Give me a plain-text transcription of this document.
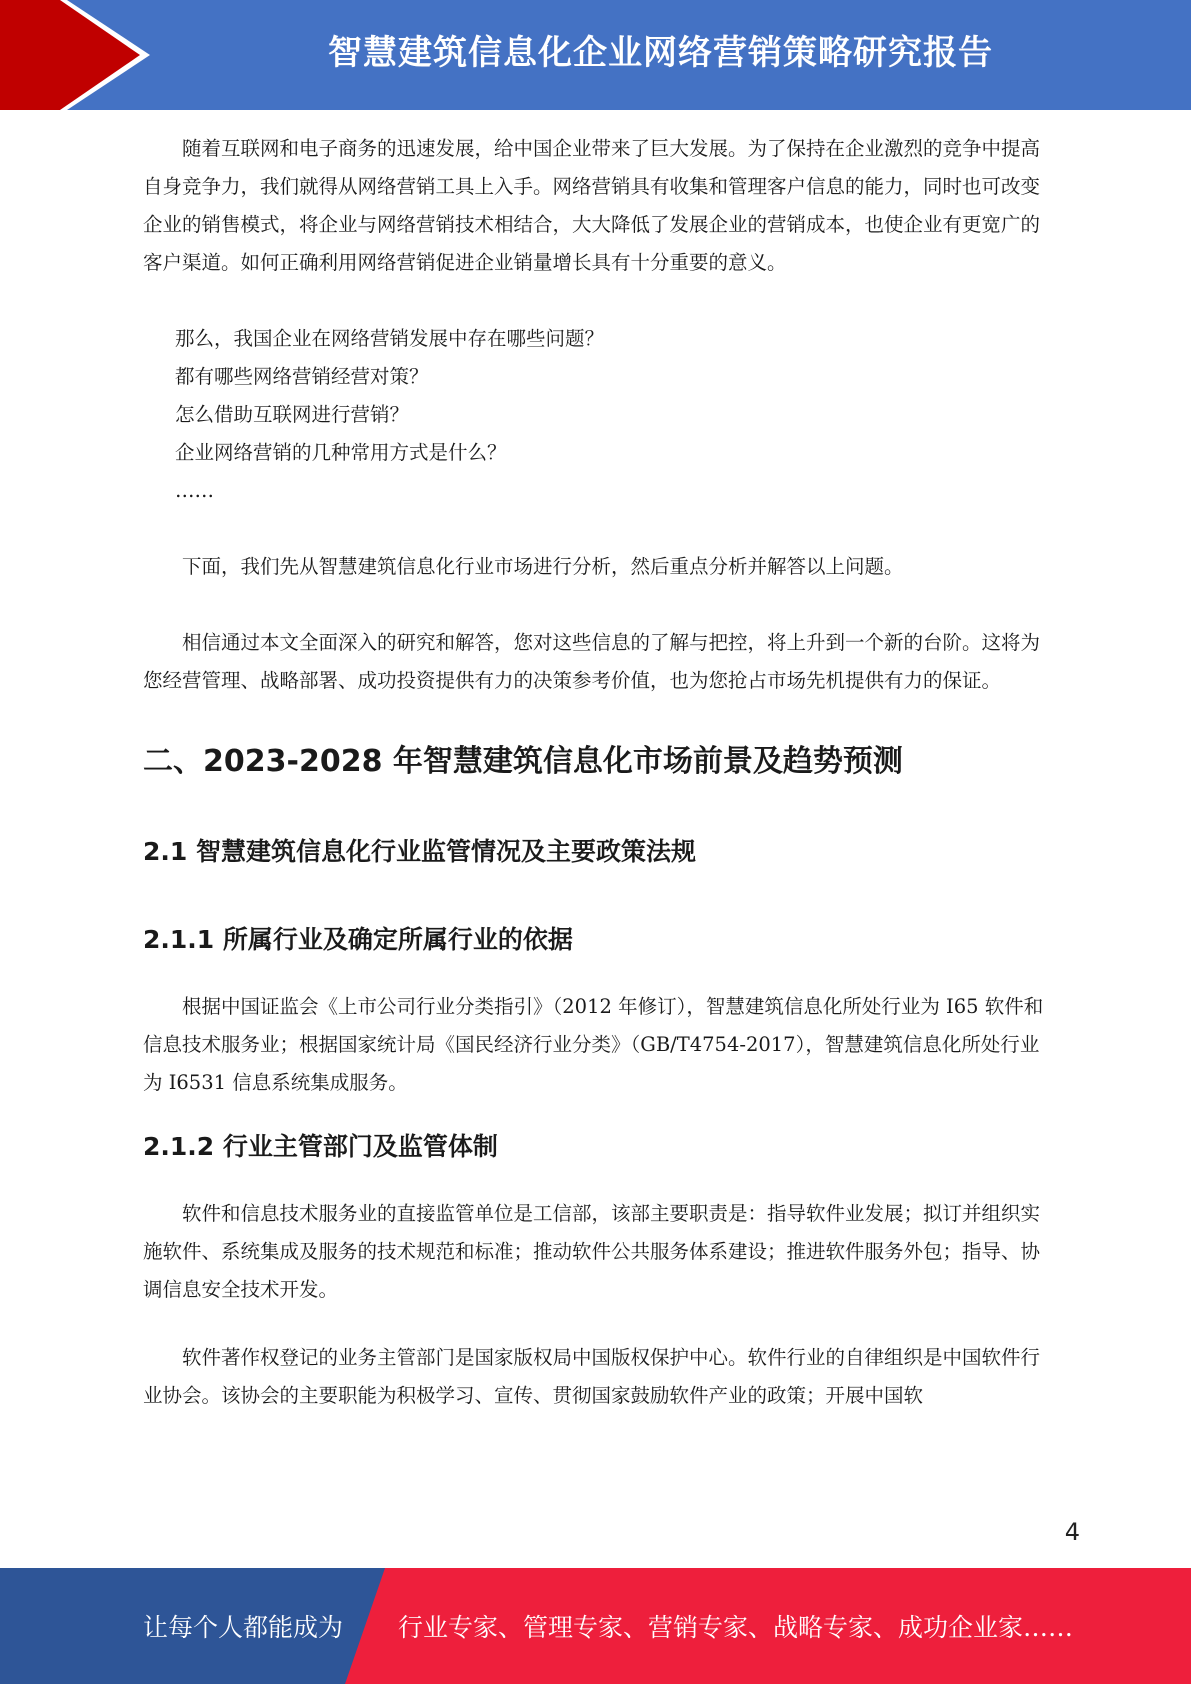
智慧建筑信息化企业网络营销策略研究报告

随着互联网和电子商务的迅速发展，给中国企业带来了巨大发展。为了保持在企业激烈的竞争中提高自身竞争力，我们就得从网络营销工具上入手。网络营销具有收集和管理客户信息的能力，同时也可改变企业的销售模式，将企业与网络营销技术相结合，大大降低了发展企业的营销成本，也使企业有更宽广的客户渠道。如何正确利用网络营销促进企业销量增长具有十分重要的意义。

那么，我国企业在网络营销发展中存在哪些问题？
都有哪些网络营销经营对策？
怎么借助互联网进行营销？
企业网络营销的几种常用方式是什么？
……

下面，我们先从智慧建筑信息化行业市场进行分析，然后重点分析并解答以上问题。

相信通过本文全面深入的研究和解答，您对这些信息的了解与把控，将上升到一个新的台阶。这将为您经营管理、战略部署、成功投资提供有力的决策参考价值，也为您抢占市场先机提供有力的保证。

二、2023-2028 年智慧建筑信息化市场前景及趋势预测
2.1 智慧建筑信息化行业监管情况及主要政策法规
2.1.1 所属行业及确定所属行业的依据

根据中国证监会《上市公司行业分类指引》（2012 年修订），智慧建筑信息化所处行业为 I65 软件和信息技术服务业；根据国家统计局《国民经济行业分类》（GB/T4754-2017），智慧建筑信息化所处行业为 I6531 信息系统集成服务。

2.1.2 行业主管部门及监管体制

软件和信息技术服务业的直接监管单位是工信部，该部主要职责是：指导软件业发展；拟订并组织实施软件、系统集成及服务的技术规范和标准；推动软件公共服务体系建设；推进软件服务外包；指导、协调信息安全技术开发。

软件著作权登记的业务主管部门是国家版权局中国版权保护中心。软件行业的自律组织是中国软件行业协会。该协会的主要职能为积极学习、宣传、贯彻国家鼓励软件产业的政策；开展中国软

4
让每个人都能成为 行业专家、管理专家、营销专家、战略专家、成功企业家……
